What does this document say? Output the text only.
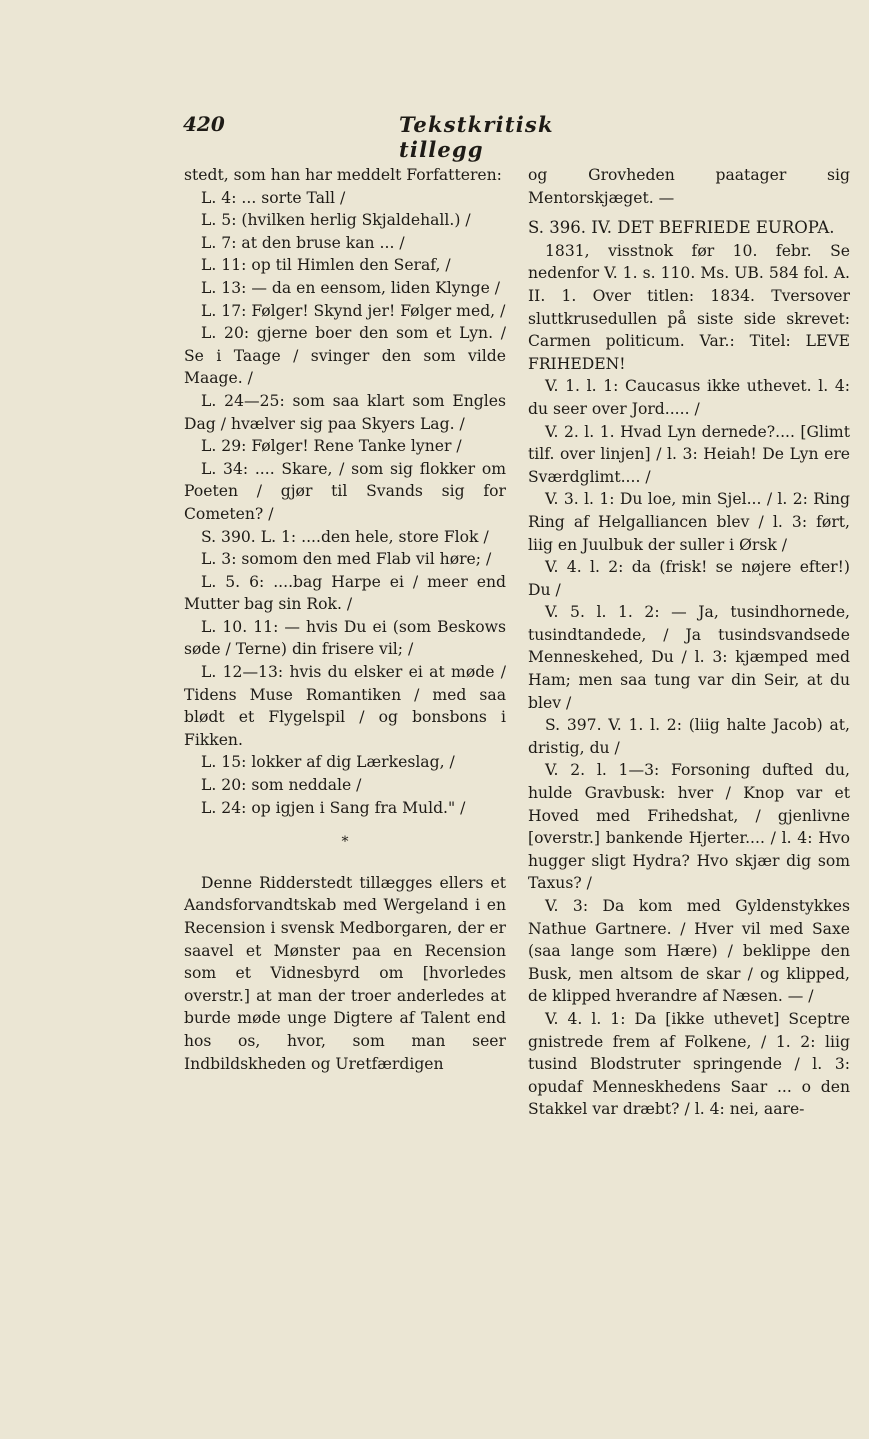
420	Tekstkritisk tillegg

stedt, som han har meddelt Forfatteren:

L. 4: ... sorte Tall /

L. 5: (hvilken herlig Skjaldehall.) /

L. 7: at den bruse kan ... /

L. 11: op til Himlen den Seraf, /

L. 13: — da en eensom, liden Klynge /

L. 17: Følger! Skynd jer! Følger med, /

L. 20: gjerne boer den som et Lyn. / Se i Taage / svinger den som vilde Maage. /

L. 24—25: som saa klart som Engles Dag / hvælver sig paa Skyers Lag. /

L. 29: Følger! Rene Tanke lyner /

L. 34: .... Skare, / som sig flokker om Poeten / gjør til Svands sig for Cometen? /

S. 390. L. 1: ....den hele, store Flok /

L. 3: somom den med Flab vil høre; /

L. 5. 6: ....bag Harpe ei / meer end Mutter bag sin Rok. /

L. 10. 11: — hvis Du ei (som Beskows søde / Terne) din frisere vil; /

L. 12—13: hvis du elsker ei at møde / Tidens Muse Romantiken / med saa blødt et Flygelspil / og bonsbons i Fikken.

L. 15: lokker af dig Lærkeslag, /

L. 20: som neddale /

L. 24: op igjen i Sang fra Muld." /

*

Denne Ridderstedt tillægges ellers et Aandsforvandtskab med Wergeland i en Recension i svensk Medborgaren, der er saavel et Mønster paa en Recension som et Vidnesbyrd om [hvorledes overstr.] at man der troer anderledes at burde møde unge Digtere af Talent end hos os, hvor, som man seer Indbildskheden og Uretfærdigen

og Grovheden paatager sig Mentorskjæget. —

S. 396. IV. DET BEFRIEDE EUROPA.

1831, visstnok før 10. febr. Se nedenfor V. 1. s. 110. Ms. UB. 584 fol. A. II. 1. Over titlen: 1834. Tversover sluttkrusedullen på siste side skrevet: Carmen politicum. Var.: Titel: LEVE FRIHEDEN!

V. 1. l. 1: Caucasus ikke uthevet. l. 4: du seer over Jord..... /

V. 2. l. 1. Hvad Lyn dernede?.... [Glimt tilf. over linjen] / l. 3: Heiah! De Lyn ere Sværdglimt.... /

V. 3. l. 1: Du loe, min Sjel... / l. 2: Ring Ring af Helgalliancen blev / l. 3: ført, liig en Juulbuk der suller i Ørsk /

V. 4. l. 2: da (frisk! se nøjere efter!) Du /

V. 5. l. 1. 2: — Ja, tusindhornede, tusindtandede, / Ja tusindsvandsede Menneskehed, Du / l. 3: kjæmped med Ham; men saa tung var din Seir, at du blev /

S. 397. V. 1. l. 2: (liig halte Jacob) at, dristig, du /

V. 2. l. 1—3: Forsoning dufted du, hulde Gravbusk: hver / Knop var et Hoved med Frihedshat, / gjenlivne [overstr.] bankende Hjerter.... / l. 4: Hvo hugger sligt Hydra? Hvo skjær dig som Taxus? /

V. 3: Da kom med Gyldenstykkes Nathue Gartnere. / Hver vil med Saxe (saa lange som Hære) / beklippe den Busk, men altsom de skar / og klipped, de klipped hverandre af Næsen. — /

V. 4. l. 1: Da [ikke uthevet] Sceptre gnistrede frem af Folkene, / 1. 2: liig tusind Blodstruter springende / l. 3: opudaf Menneskhedens Saar ... o den Stakkel var dræbt? / l. 4: nei, aare-
